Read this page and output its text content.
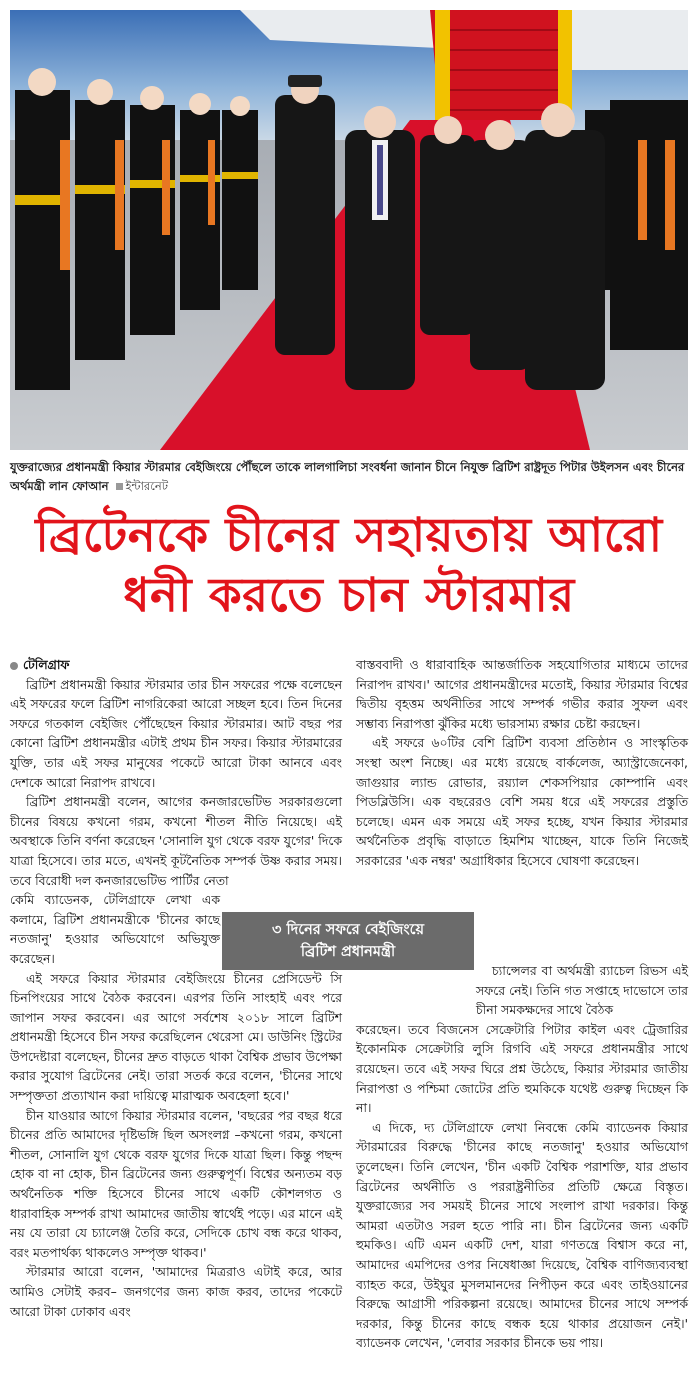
যুক্তরাজ্যের প্রধানমন্ত্রী কিয়ার স্টারমার বেইজিংয়ে পৌঁছলে তাকে লালগালিচা সংবর্ধনা জানান চীনে নিযুক্ত ব্রিটিশ রাষ্ট্রদূত পিটার উইলসন এবং চীনের অর্থমন্ত্রী লান ফোআন ইন্টারনেট
ব্রিটেনকে চীনের সহায়তায় আরো
ধনী করতে চান স্টারমার
টেলিগ্রাফ

ব্রিটিশ প্রধানমন্ত্রী কিয়ার স্টারমার তার চীন সফরের পক্ষে বলেছেন এই সফরের ফলে ব্রিটিশ নাগরিকেরা আরো সচ্ছল হবে। তিন দিনের সফরে গতকাল বেইজিং পৌঁছেছেন কিয়ার স্টারমার। আট বছর পর কোনো ব্রিটিশ প্রধানমন্ত্রীর এটাই প্রথম চীন সফর। কিয়ার স্টারমারের যুক্তি, তার এই সফর মানুষের পকেটে আরো টাকা আনবে এবং দেশকে আরো নিরাপদ রাখবে।

ব্রিটিশ প্রধানমন্ত্রী বলেন, আগের কনজারভেটিভ সরকারগুলো চীনের বিষয়ে কখনো গরম, কখনো শীতল নীতি নিয়েছে। এই অবস্থাকে তিনি বর্ণনা করেছেন 'সোনালি যুগ থেকে বরফ যুগের' দিকে যাত্রা হিসেবে। তার মতে, এখনই কূটনৈতিক সম্পর্ক উষ্ণ করার সময়। তবে বিরোধী দল কনজারভেটিভ পার্টির নেতা

কেমি ব্যাডেনক, টেলিগ্রাফে লেখা এক কলামে, ব্রিটিশ প্রধানমন্ত্রীকে 'চীনের কাছে নতজানু' হওয়ার অভিযোগে অভিযুক্ত করেছেন।

এই সফরে কিয়ার স্টারমার বেইজিংয়ে চীনের প্রেসিডেন্ট সি চিনপিংয়ের সাথে বৈঠক করবেন। এরপর তিনি সাংহাই এবং পরে জাপান সফর করবেন। এর আগে সর্বশেষ ২০১৮ সালে ব্রিটিশ প্রধানমন্ত্রী হিসেবে চীন সফর করেছিলেন থেরেসা মে। ডাউনিং স্ট্রিটের উপদেষ্টারা বলেছেন, চীনের দ্রুত বাড়তে থাকা বৈশ্বিক প্রভাব উপেক্ষা করার সুযোগ ব্রিটেনের নেই। তারা সতর্ক করে বলেন, 'চীনের সাথে সম্পৃক্ততা প্রত্যাখান করা দায়িত্বে মারাত্মক অবহেলা হবে।'

চীন যাওয়ার আগে কিয়ার স্টারমার বলেন, 'বছরের পর বছর ধরে চীনের প্রতি আমাদের দৃষ্টিভঙ্গি ছিল অসংলগ্ন –কখনো গরম, কখনো শীতল, সোনালি যুগ থেকে বরফ যুগের দিকে যাত্রা ছিল। কিন্তু পছন্দ হোক বা না হোক, চীন ব্রিটেনের জন্য গুরুত্বপূর্ণ। বিশ্বের অন্যতম বড় অর্থনৈতিক শক্তি হিসেবে চীনের সাথে একটি কৌশলগত ও ধারাবাহিক সম্পর্ক রাখা আমাদের জাতীয় স্বার্থেই পড়ে। এর মানে এই নয় যে তারা যে চ্যালেঞ্জ তৈরি করে, সেদিকে চোখ বন্ধ করে থাকব, বরং মতপার্থক্য থাকলেও সম্পৃক্ত থাকব।'

স্টারমার আরো বলেন, 'আমাদের মিত্ররাও এটাই করে, আর আমিও সেটাই করব– জনগণের জন্য কাজ করব, তাদের পকেটে আরো টাকা ঢোকাব এবং

বাস্তববাদী ও ধারাবাহিক আন্তর্জাতিক সহযোগিতার মাধ্যমে তাদের নিরাপদ রাখব।' আগের প্রধানমন্ত্রীদের মতোই, কিয়ার স্টারমার বিশ্বের দ্বিতীয় বৃহত্তম অর্থনীতির সাথে সম্পর্ক গভীর করার সুফল এবং সম্ভাব্য নিরাপত্তা ঝুঁকির মধ্যে ভারসাম্য রক্ষার চেষ্টা করছেন।

এই সফরে ৬০টির বেশি ব্রিটিশ ব্যবসা প্রতিষ্ঠান ও সাংস্কৃতিক সংস্থা অংশ নিচ্ছে। এর মধ্যে রয়েছে বার্কলেজ, অ্যাস্ট্রাজেনেকা, জাগুয়ার ল্যান্ড রোভার, রয়্যাল শেকসপিয়ার কোম্পানি এবং পিডব্লিউসি। এক বছরেরও বেশি সময় ধরে এই সফরের প্রস্তুতি চলেছে। এমন এক সময়ে এই সফর হচ্ছে, যখন কিয়ার স্টারমার অর্থনৈতিক প্রবৃদ্ধি বাড়াতে হিমশিম খাচ্ছেন, যাকে তিনি নিজেই সরকারের 'এক নম্বর' অগ্রাধিকার হিসেবে ঘোষণা করেছেন।

চ্যান্সেলর বা অর্থমন্ত্রী র‌্যাচেল রিভস এই সফরে নেই। তিনি গত সপ্তাহে দাভোসে তার চীনা সমকক্ষদের সাথে বৈঠক

করেছেন। তবে বিজনেস সেক্রেটারি পিটার কাইল এবং ট্রেজারির ইকোনমিক সেক্রেটারি লুসি রিগবি এই সফরে প্রধানমন্ত্রীর সাথে রয়েছেন। তবে এই সফর ঘিরে প্রশ্ন উঠেছে, কিয়ার স্টারমার জাতীয় নিরাপত্তা ও পশ্চিমা জোটের প্রতি হুমকিকে যথেষ্ট গুরুত্ব দিচ্ছেন কি না।

এ দিকে, দ্য টেলিগ্রাফে লেখা নিবন্ধে কেমি ব্যাডেনক কিয়ার স্টারমারের বিরুদ্ধে 'চীনের কাছে নতজানু' হওয়ার অভিযোগ তুলেছেন। তিনি লেখেন, 'চীন একটি বৈশ্বিক পরাশক্তি, যার প্রভাব ব্রিটেনের অর্থনীতি ও পররাষ্ট্রনীতির প্রতিটি ক্ষেত্রে বিস্তৃত। যুক্তরাজ্যের সব সময়ই চীনের সাথে সংলাপ রাখা দরকার। কিন্তু আমরা এতটাও সরল হতে পারি না। চীন ব্রিটেনের জন্য একটি হুমকিও। এটি এমন একটি দেশ, যারা গণতন্ত্রে বিশ্বাস করে না, আমাদের এমপিদের ওপর নিষেধাজ্ঞা দিয়েছে, বৈশ্বিক বাণিজ্যব্যবস্থা ব্যাহত করে, উইঘুর মুসলমানদের নিপীড়ন করে এবং তাইওয়ানের বিরুদ্ধে আগ্রাসী পরিকল্পনা রয়েছে। আমাদের চীনের সাথে সম্পর্ক দরকার, কিন্তু চীনের কাছে বন্ধক হয়ে থাকার প্রয়োজন নেই।' ব্যাডেনক লেখেন, 'লেবার সরকার চীনকে ভয় পায়।

৩ দিনের সফরে বেইজিংয়ে
ব্রিটিশ প্রধানমন্ত্রী
